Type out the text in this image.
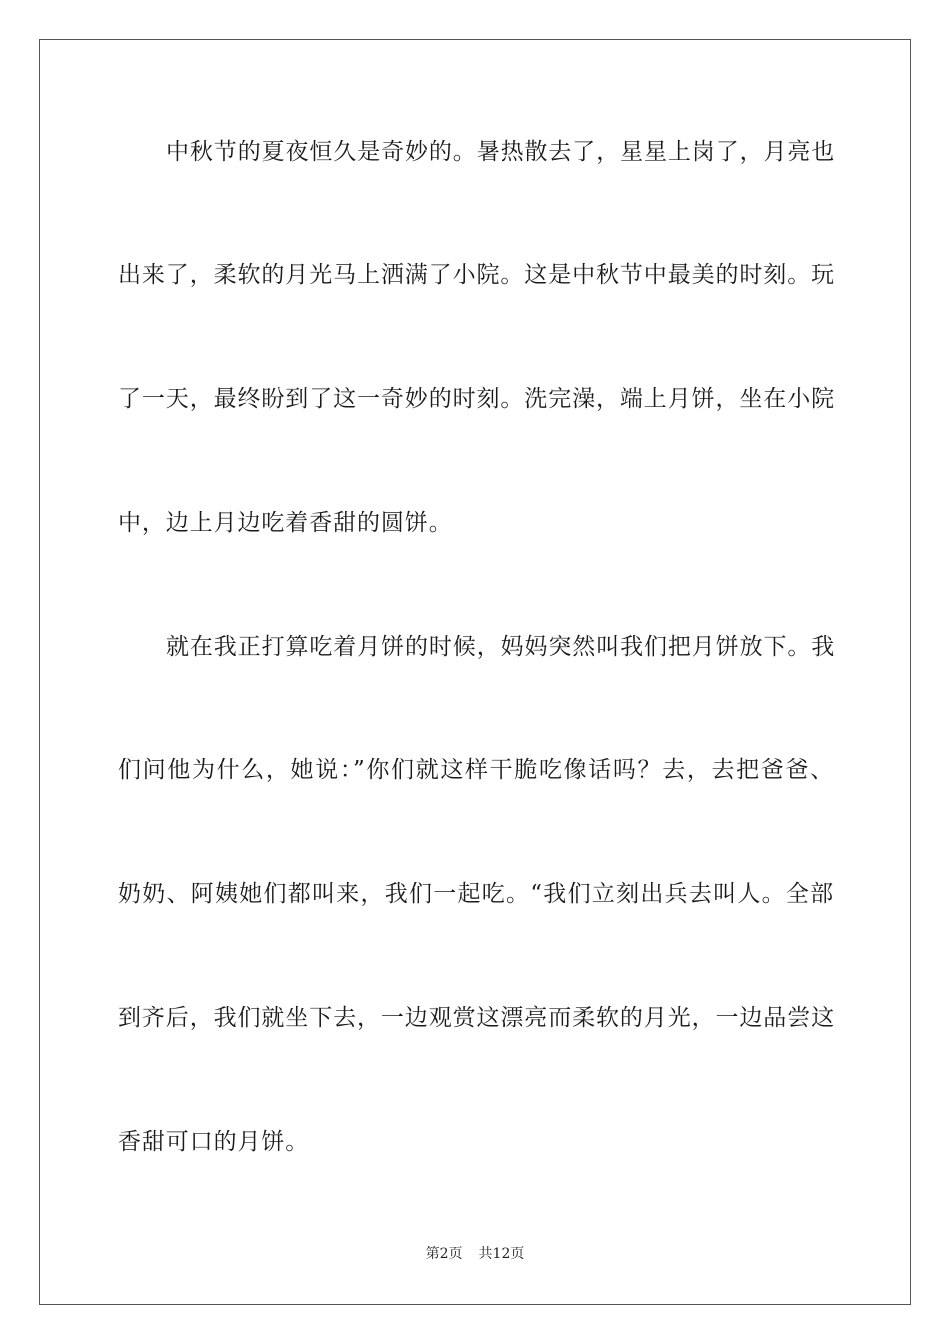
中秋节的夏夜恒久是奇妙的。暑热散去了，星星上岗了，月亮也
出来了，柔软的月光马上洒满了小院。这是中秋节中最美的时刻。玩
了一天，最终盼到了这一奇妙的时刻。洗完澡，端上月饼，坐在小院
中，边上月边吃着香甜的圆饼。
就在我正打算吃着月饼的时候，妈妈突然叫我们把月饼放下。我
们问他为什么，她说：”你们就这样干脆吃像话吗？去，去把爸爸、
奶奶、阿姨她们都叫来，我们一起吃。“我们立刻出兵去叫人。全部
到齐后，我们就坐下去，一边观赏这漂亮而柔软的月光，一边品尝这
香甜可口的月饼。
第2页 共12页
